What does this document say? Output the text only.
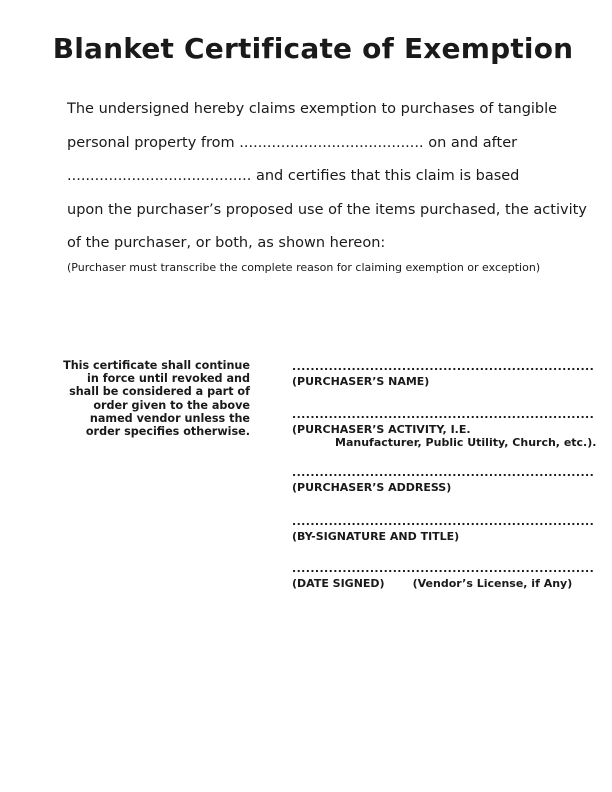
Blanket Certificate of Exemption

The undersigned hereby claims exemption to purchases of tangible
personal property from ........................................ on and after
........................................ and certifies that this claim is based
upon the purchaser’s proposed use of the items purchased, the activity
of the purchaser, or both, as shown hereon:

(Purchaser must transcribe the complete reason for claiming exemption or exception)
This certificate shall continue
in force until revoked and
shall be considered a part of
order given to the above
named vendor unless the
order specifies otherwise.
..................................................................
(PURCHASER’S NAME)
..................................................................
(PURCHASER’S ACTIVITY, I.E.
Manufacturer, Public Utility, Church, etc.).
..................................................................
(PURCHASER’S ADDRESS)
..................................................................
(BY-SIGNATURE AND TITLE)
..................................................................
(DATE SIGNED)	(Vendor’s License, if Any)
